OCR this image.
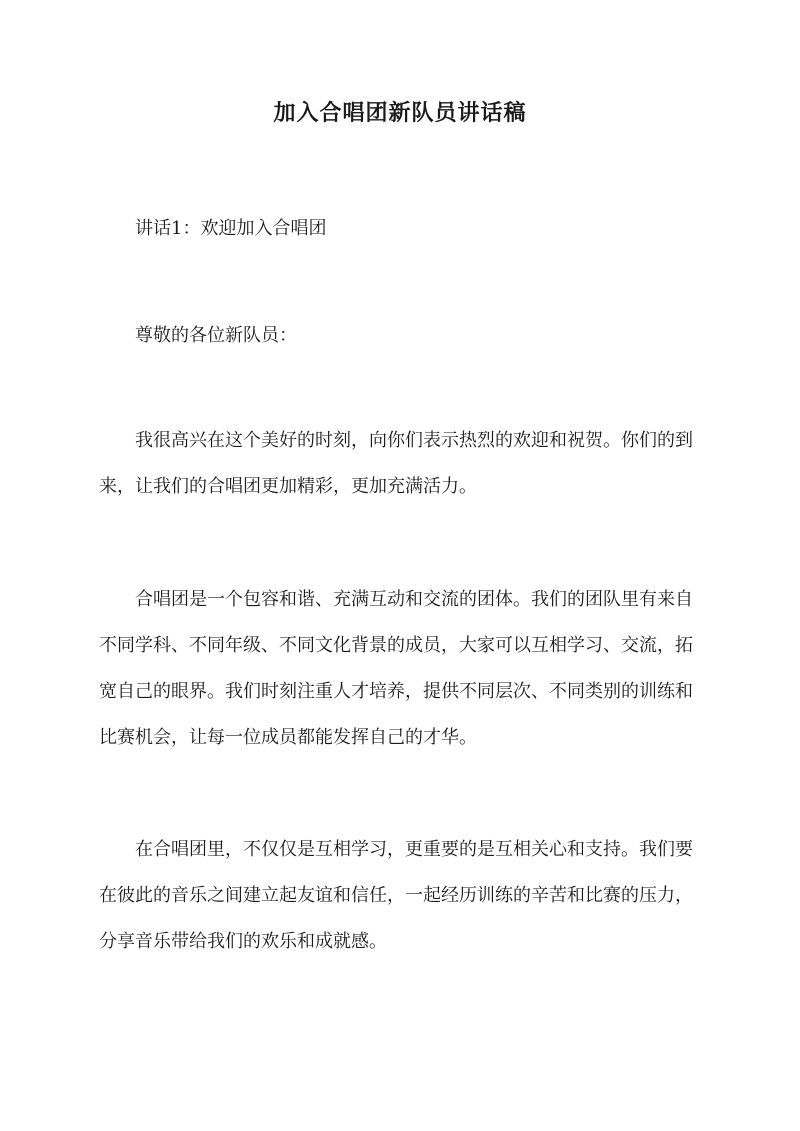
加入合唱团新队员讲话稿

讲话1：欢迎加入合唱团

尊敬的各位新队员：

我很高兴在这个美好的时刻，向你们表示热烈的欢迎和祝贺。你们的到来，让我们的合唱团更加精彩，更加充满活力。

合唱团是一个包容和谐、充满互动和交流的团体。我们的团队里有来自不同学科、不同年级、不同文化背景的成员，大家可以互相学习、交流，拓宽自己的眼界。我们时刻注重人才培养，提供不同层次、不同类别的训练和比赛机会，让每一位成员都能发挥自己的才华。

在合唱团里，不仅仅是互相学习，更重要的是互相关心和支持。我们要在彼此的音乐之间建立起友谊和信任，一起经历训练的辛苦和比赛的压力，分享音乐带给我们的欢乐和成就感。
